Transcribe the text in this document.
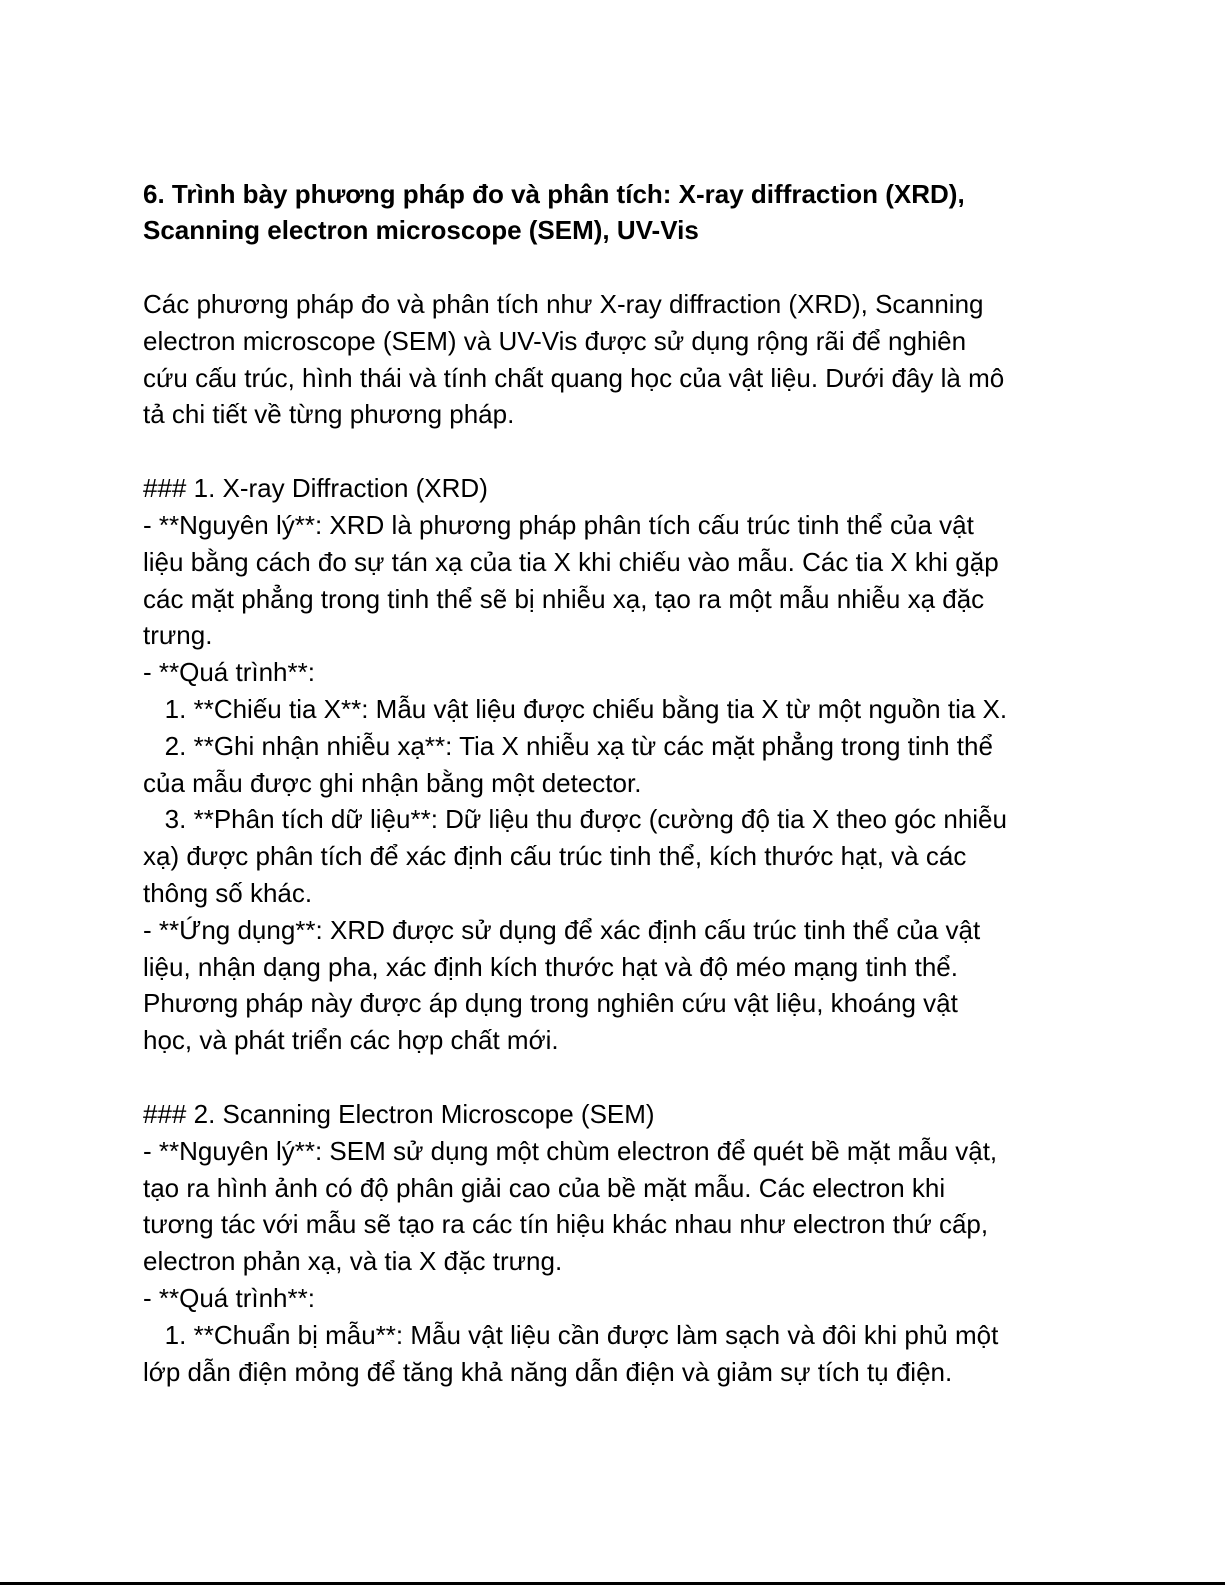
6. Trình bày phương pháp đo và phân tích: X-ray diffraction (XRD),
Scanning electron microscope (SEM), UV-Vis
Các phương pháp đo và phân tích như X-ray diffraction (XRD), Scanning
electron microscope (SEM) và UV-Vis được sử dụng rộng rãi để nghiên
cứu cấu trúc, hình thái và tính chất quang học của vật liệu. Dưới đây là mô
tả chi tiết về từng phương pháp.
### 1. X-ray Diffraction (XRD)
- **Nguyên lý**: XRD là phương pháp phân tích cấu trúc tinh thể của vật
liệu bằng cách đo sự tán xạ của tia X khi chiếu vào mẫu. Các tia X khi gặp
các mặt phẳng trong tinh thể sẽ bị nhiễu xạ, tạo ra một mẫu nhiễu xạ đặc
trưng.
- **Quá trình**:
1. **Chiếu tia X**: Mẫu vật liệu được chiếu bằng tia X từ một nguồn tia X.
2. **Ghi nhận nhiễu xạ**: Tia X nhiễu xạ từ các mặt phẳng trong tinh thể
của mẫu được ghi nhận bằng một detector.
3. **Phân tích dữ liệu**: Dữ liệu thu được (cường độ tia X theo góc nhiễu
xạ) được phân tích để xác định cấu trúc tinh thể, kích thước hạt, và các
thông số khác.
- **Ứng dụng**: XRD được sử dụng để xác định cấu trúc tinh thể của vật
liệu, nhận dạng pha, xác định kích thước hạt và độ méo mạng tinh thể.
Phương pháp này được áp dụng trong nghiên cứu vật liệu, khoáng vật
học, và phát triển các hợp chất mới.
### 2. Scanning Electron Microscope (SEM)
- **Nguyên lý**: SEM sử dụng một chùm electron để quét bề mặt mẫu vật,
tạo ra hình ảnh có độ phân giải cao của bề mặt mẫu. Các electron khi
tương tác với mẫu sẽ tạo ra các tín hiệu khác nhau như electron thứ cấp,
electron phản xạ, và tia X đặc trưng.
- **Quá trình**:
1. **Chuẩn bị mẫu**: Mẫu vật liệu cần được làm sạch và đôi khi phủ một
lớp dẫn điện mỏng để tăng khả năng dẫn điện và giảm sự tích tụ điện.
